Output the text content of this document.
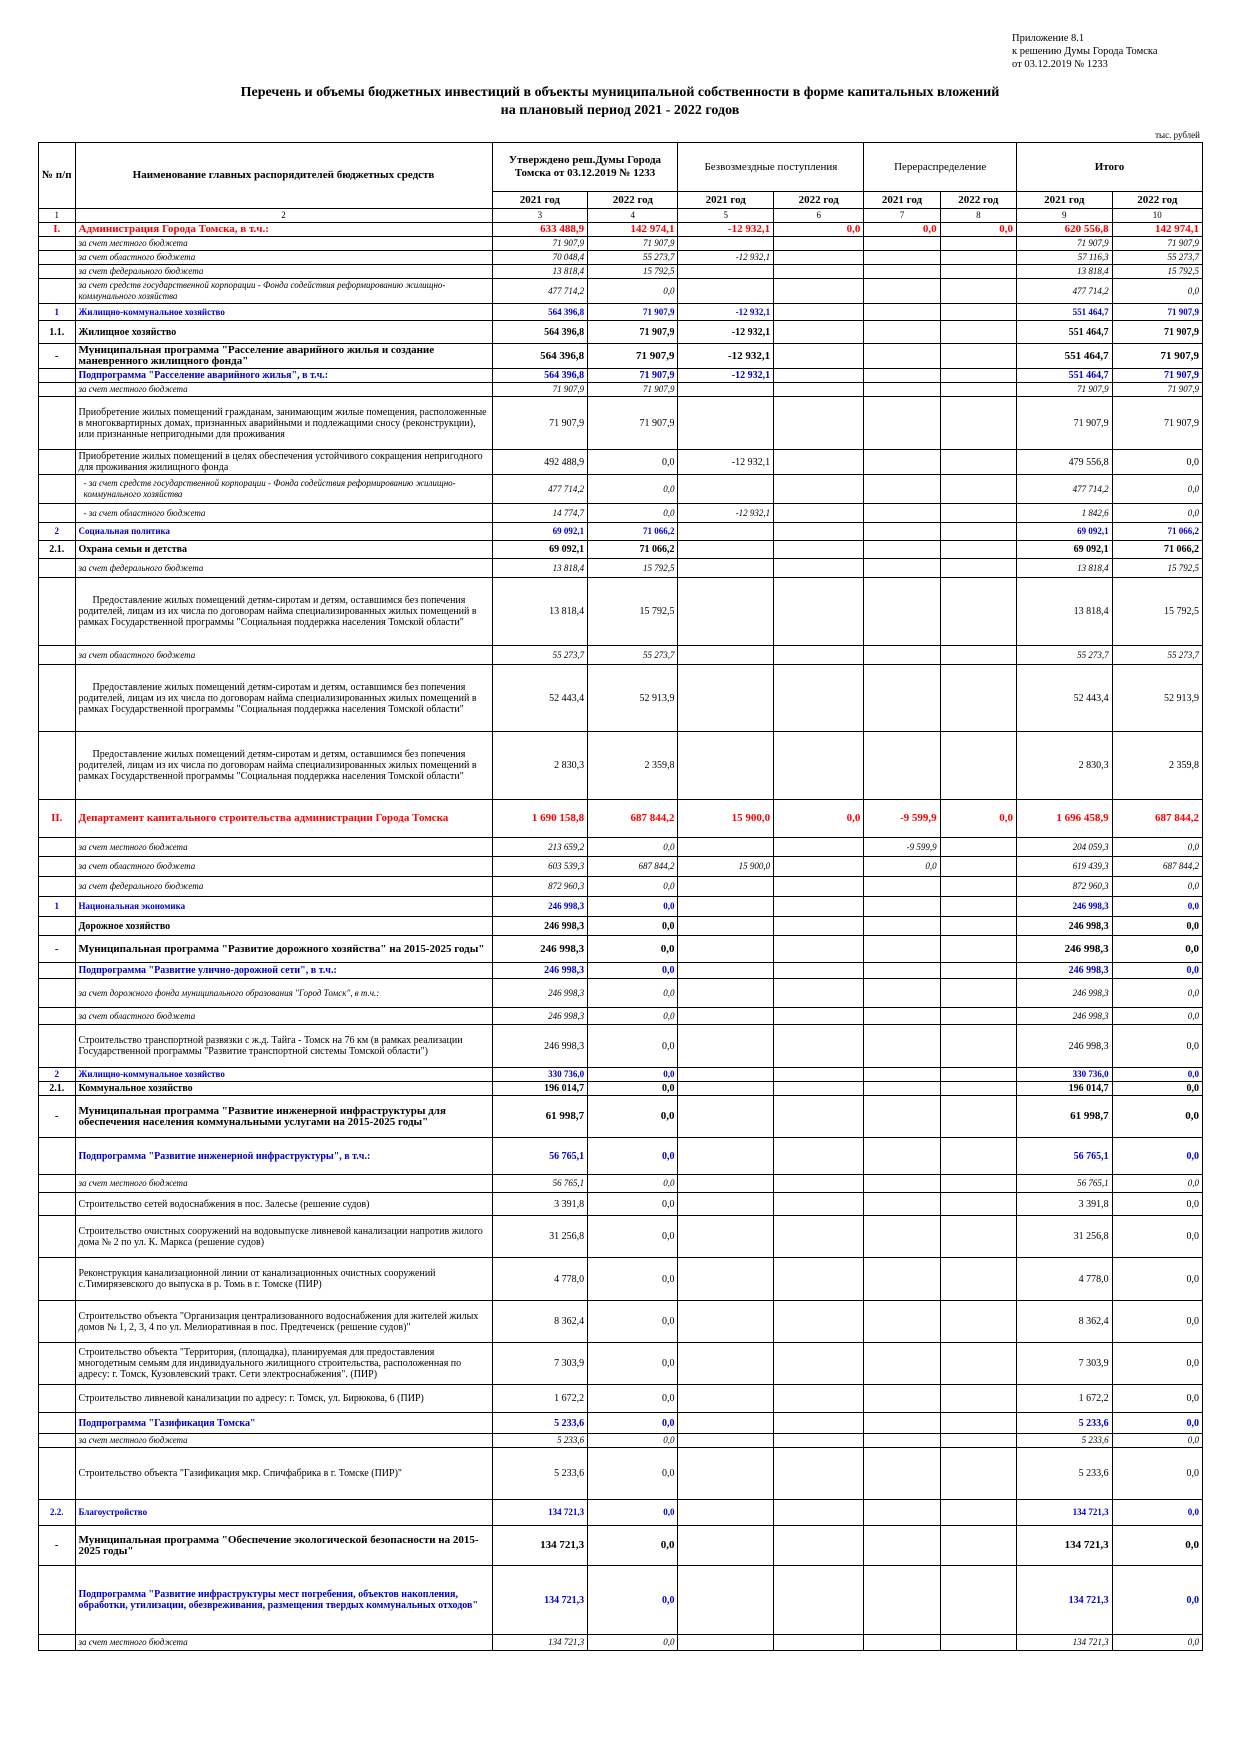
Приложение 8.1
к решению Думы Города Томска
от 03.12.2019 № 1233
Перечень и объемы бюджетных инвестиций в объекты муниципальной собственности в форме капитальных вложений
на плановый период 2021 - 2022 годов
тыс. рублей
№ п/п	Наименование главных распорядителей бюджетных средств	Утверждено реш.Думы Города Томска от 03.12.2019 № 1233		Безвозмездные поступления		Перераспределение		Итого	
		2021 год	2022 год	2021 год	2022 год	2021 год	2022 год	2021 год	2022 год
1	2	3	4	5	6	7	8	9	10
I.	Администрация Города Томска, в т.ч.:	633 488,9	142 974,1	-12 932,1	0,0	0,0	0,0	620 556,8	142 974,1
	за счет местного бюджета	71 907,9	71 907,9					71 907,9	71 907,9
	за счет областного бюджета	70 048,4	55 273,7	-12 932,1				57 116,3	55 273,7
	за счет федерального бюджета	13 818,4	15 792,5					13 818,4	15 792,5
	за счет средств государственной корпорации - Фонда содействия реформированию жилищно-коммунального хозяйства	477 714,2	0,0					477 714,2	0,0
1	Жилищно-коммунальное хозяйство	564 396,8	71 907,9	-12 932,1				551 464,7	71 907,9
1.1.	Жилищное хозяйство	564 396,8	71 907,9	-12 932,1				551 464,7	71 907,9
-	Муниципальная программа "Расселение аварийного жилья и создание маневренного жилищного фонда"	564 396,8	71 907,9	-12 932,1				551 464,7	71 907,9
	Подпрограмма "Расселение аварийного жилья", в т.ч.:	564 396,8	71 907,9	-12 932,1				551 464,7	71 907,9
	за счет местного бюджета	71 907,9	71 907,9					71 907,9	71 907,9
	Приобретение жилых помещений гражданам, занимающим жилые помещения, расположенные в многоквартирных домах, признанных аварийными и подлежащими сносу (реконструкции), или признанные непригодными для проживания	71 907,9	71 907,9					71 907,9	71 907,9
	Приобретение жилых помещений в целях обеспечения устойчивого сокращения непригодного для проживания жилищного фонда	492 488,9	0,0	-12 932,1				479 556,8	0,0
	- за счет средств государственной корпорации - Фонда содействия реформированию жилищно-коммунального хозяйства	477 714,2	0,0					477 714,2	0,0
	- за счет областного бюджета	14 774,7	0,0	-12 932,1				1 842,6	0,0
2	Социальная политика	69 092,1	71 066,2					69 092,1	71 066,2
2.1.	Охрана семьи и детства	69 092,1	71 066,2					69 092,1	71 066,2
	за счет федерального бюджета	13 818,4	15 792,5					13 818,4	15 792,5
	Предоставление жилых помещений детям-сиротам и детям, оставшимся без попечения родителей, лицам из их числа по договорам найма специализированных жилых помещений в рамках Государственной программы "Социальная поддержка населения Томской области"	13 818,4	15 792,5					13 818,4	15 792,5
	за счет областного бюджета	55 273,7	55 273,7					55 273,7	55 273,7
	Предоставление жилых помещений детям-сиротам и детям, оставшимся без попечения родителей, лицам из их числа по договорам найма специализированных жилых помещений в рамках Государственной программы "Социальная поддержка населения Томской области"	52 443,4	52 913,9					52 443,4	52 913,9
	Предоставление жилых помещений детям-сиротам и детям, оставшимся без попечения родителей, лицам из их числа по договорам найма специализированных жилых помещений в рамках Государственной программы "Социальная поддержка населения Томской области"	2 830,3	2 359,8					2 830,3	2 359,8
II.	Департамент капитального строительства администрации Города Томска	1 690 158,8	687 844,2	15 900,0	0,0	-9 599,9	0,0	1 696 458,9	687 844,2
	за счет местного бюджета	213 659,2	0,0			-9 599,9		204 059,3	0,0
	за счет областного бюджета	603 539,3	687 844,2	15 900,0		0,0		619 439,3	687 844,2
	за счет федерального бюджета	872 960,3	0,0					872 960,3	0,0
1	Национальная экономика	246 998,3	0,0					246 998,3	0,0
	Дорожное хозяйство	246 998,3	0,0					246 998,3	0,0
-	Муниципальная программа "Развитие дорожного хозяйства" на 2015-2025 годы"	246 998,3	0,0					246 998,3	0,0
	Подпрограмма "Развитие улично-дорожной сети", в т.ч.:	246 998,3	0,0					246 998,3	0,0
	за счет дорожного фонда муниципального образования "Город Томск", в т.ч.:	246 998,3	0,0					246 998,3	0,0
	за счет областного бюджета	246 998,3	0,0					246 998,3	0,0
	Строительство транспортной развязки с ж.д. Тайга - Томск на 76 км (в рамках реализации Государственной программы "Развитие транспортной системы Томской области")	246 998,3	0,0					246 998,3	0,0
2	Жилищно-коммунальное хозяйство	330 736,0	0,0					330 736,0	0,0
2.1.	Коммунальное хозяйство	196 014,7	0,0					196 014,7	0,0
-	Муниципальная программа "Развитие инженерной инфраструктуры для обеспечения населения коммунальными услугами на 2015-2025 годы"	61 998,7	0,0					61 998,7	0,0
	Подпрограмма "Развитие инженерной инфраструктуры", в т.ч.:	56 765,1	0,0					56 765,1	0,0
	за счет местного бюджета	56 765,1	0,0					56 765,1	0,0
	Строительство сетей водоснабжения в пос. Залесье (решение судов)	3 391,8	0,0					3 391,8	0,0
	Строительство очистных сооружений на водовыпуске ливневой канализации напротив жилого дома № 2 по ул. К. Маркса (решение судов)	31 256,8	0,0					31 256,8	0,0
	Реконструкция канализационной линии от канализационных очистных сооружений с.Тимирязевского до выпуска в р. Томь в г. Томске (ПИР)	4 778,0	0,0					4 778,0	0,0
	Строительство объекта "Организация централизованного водоснабжения для жителей жилых домов № 1, 2, 3, 4 по ул. Мелиоративная в пос. Предтеченск (решение судов)"	8 362,4	0,0					8 362,4	0,0
	Строительство объекта "Территория, (площадка), планируемая для предоставления многодетным семьям для индивидуального жилищного строительства, расположенная по адресу: г. Томск, Кузовлевский тракт. Сети электроснабжения". (ПИР)	7 303,9	0,0					7 303,9	0,0
	Строительство ливневой канализации по адресу: г. Томск, ул. Бирюкова, 6 (ПИР)	1 672,2	0,0					1 672,2	0,0
	Подпрограмма "Газификация Томска"	5 233,6	0,0					5 233,6	0,0
	за счет местного бюджета	5 233,6	0,0					5 233,6	0,0
	Строительство объекта "Газификация мкр. Спичфабрика в г. Томске (ПИР)"	5 233,6	0,0					5 233,6	0,0
2.2.	Благоустройство	134 721,3	0,0					134 721,3	0,0
-	Муниципальная программа "Обеспечение экологической безопасности на 2015-2025 годы"	134 721,3	0,0					134 721,3	0,0
	Подпрограмма "Развитие инфраструктуры мест погребения, объектов накопления, обработки, утилизации, обезвреживания, размещения твердых коммунальных отходов"	134 721,3	0,0					134 721,3	0,0
	за счет местного бюджета	134 721,3	0,0					134 721,3	0,0
